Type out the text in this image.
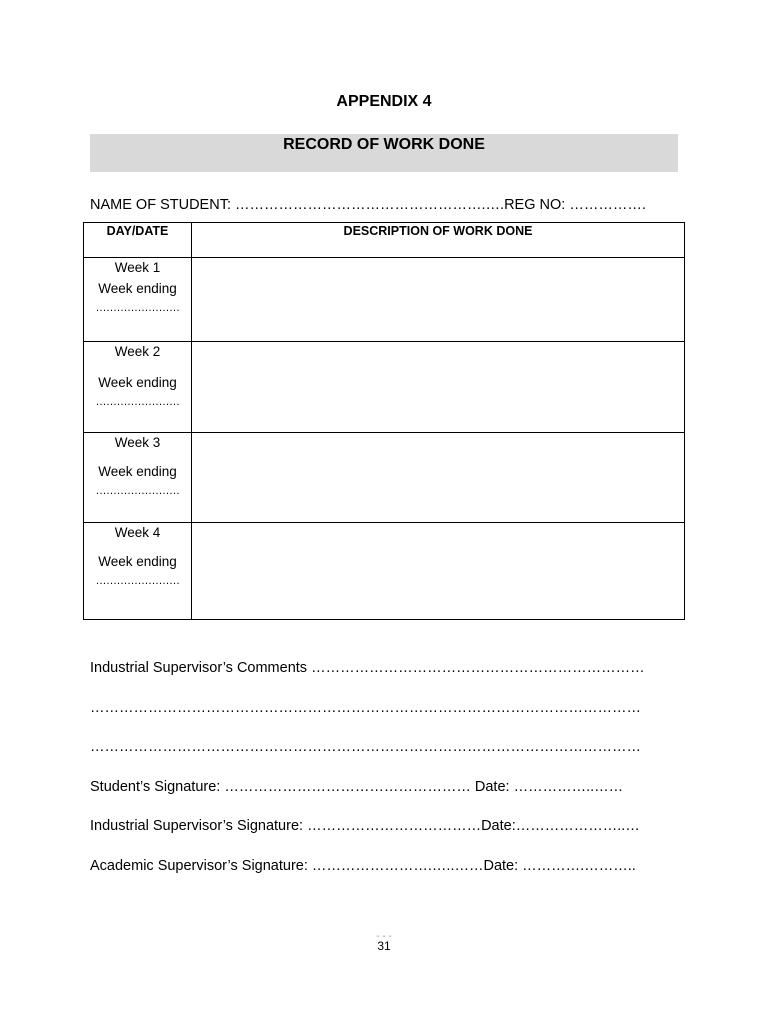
APPENDIX 4
RECORD OF WORK DONE
NAME OF STUDENT: …………………………………………….….REG NO: …………….
DAY/DATE	DESCRIPTION OF WORK DONE

Week 1
Week ending
……………………	

Week 2
Week ending
……………………	

Week 3
Week ending
……………………	

Week 4
Week ending
……………………	

Industrial Supervisor’s Comments ……………………………………………………………
……………………………………………………………………………………………………
……………………………………………………………………………………………………
Student’s Signature: …………………………………………… Date: ……………..……
Industrial Supervisor’s Signature: ………………………………Date:…………………..…
Academic Supervisor’s Signature: …………………….…..……Date: ………….………..
- - -
31
